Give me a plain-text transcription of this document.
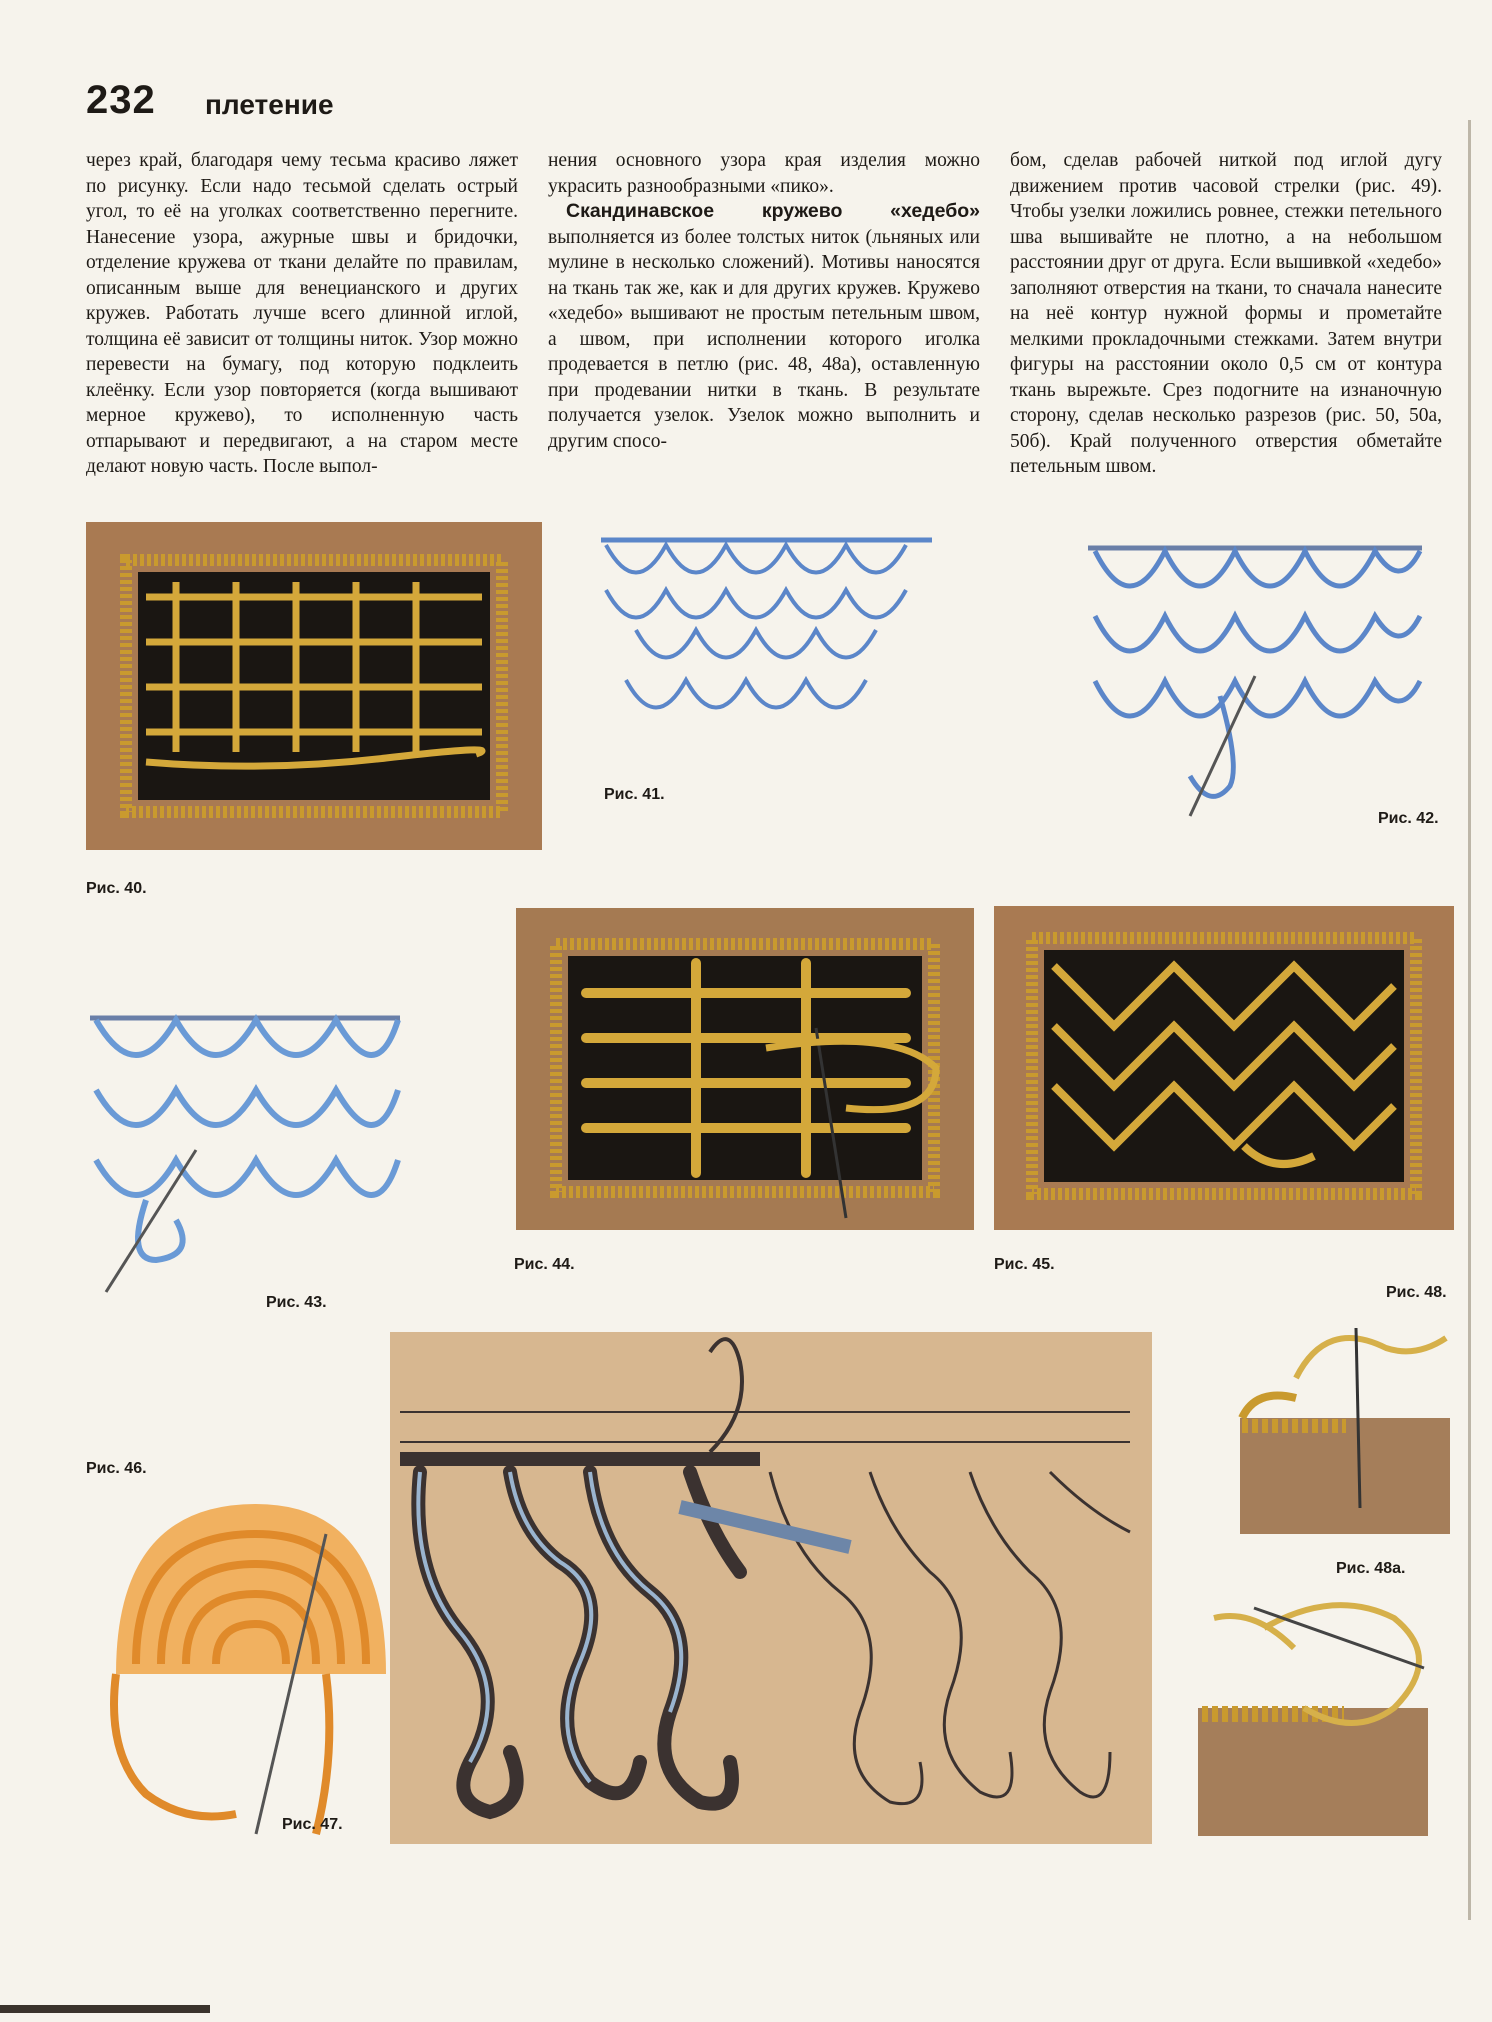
232 плетение

через край, благодаря чему тесьма красиво ляжет по рисунку. Если надо тесьмой сделать острый угол, то её на уголках соответственно перегните. Нанесение узора, ажурные швы и бридочки, отделение кружева от ткани делайте по правилам, описанным выше для венецианского и других кружев. Работать лучше всего длинной иглой, толщина её зависит от толщины ниток. Узор можно перевести на бумагу, под которую подклеить клеёнку. Если узор повторяется (когда вышивают мерное кружево), то исполненную часть отпарывают и передвигают, а на старом месте делают новую часть. После выпол-

нения основного узора края изделия можно украсить разнообразными «пико».

Скандинавское кружево «хедебо» выполняется из более толстых ниток (льняных или мулине в несколько сложений). Мотивы наносятся на ткань так же, как и для других кружев. Кружево «хедебо» вышивают не простым петельным швом, а швом, при исполнении которого иголка продевается в петлю (рис. 48, 48а), оставленную при продевании нитки в ткань. В результате получается узелок. Узелок можно выполнить и другим спосо-

бом, сделав рабочей ниткой под иглой дугу движением против часовой стрелки (рис. 49). Чтобы узелки ложились ровнее, стежки петельного шва вышивайте не плотно, а на небольшом расстоянии друг от друга. Если вышивкой «хедебо» заполняют отверстия на ткани, то сначала нанесите на неё контур нужной формы и прометайте мелкими прокладочными стежками. Затем внутри фигуры на расстоянии около 0,5 см от контура ткань вырежьте. Срез подогните на изнаночную сторону, сделав несколько разрезов (рис. 50, 50а, 50б). Край полученного отверстия обметайте петельным швом.

Рис. 40.
Рис. 41.
Рис. 42.
Рис. 43.
Рис. 44.	Рис. 45.
Рис. 48.
Рис. 48а.
Рис. 46.
Рис. 47.
